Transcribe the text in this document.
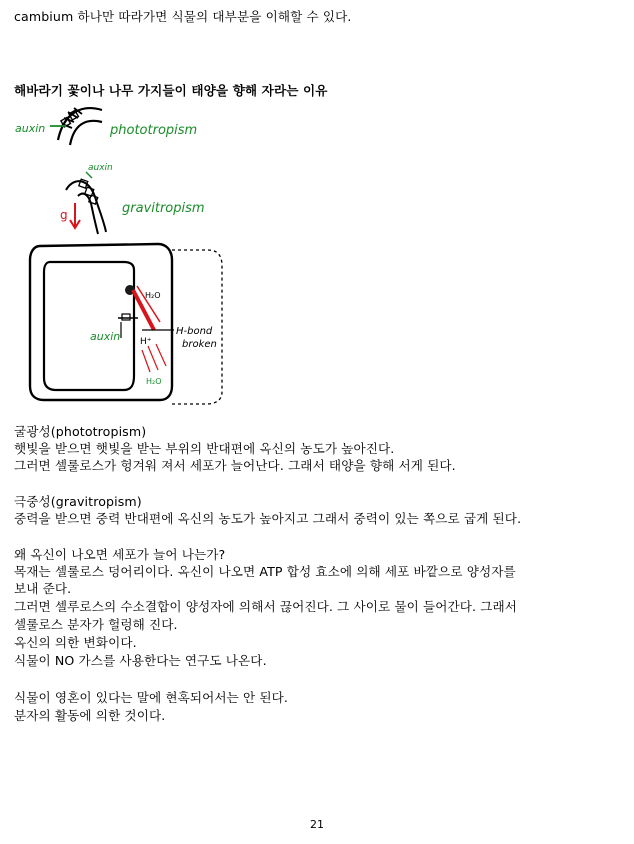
cambium 하나만 따라가면 식물의 대부분을 이해할 수 있다.
해바라기 꽃이나 나무 가지들이 태양을 향해 자라는 이유
auxin	phototropism
auxin
g	gravitropism
H₂O
H-bond
broken
auxin H⁺
H₂O
굴광성(phototropism)
햇빛을 받으면 햇빛을 받는 부위의 반대편에 옥신의 농도가 높아진다.
그러면 셀룰로스가 헝겨워 져서 세포가 늘어난다. 그래서 태양을 향해 서게 된다.
극중성(gravitropism)
중력을 받으면 중력 반대편에 옥신의 농도가 높아지고 그래서 중력이 있는 쪽으로 굽게 된다.
왜 옥신이 나오면 세포가 늘어 나는가?
목재는 셀룰로스 덩어리이다. 옥신이 나오면 ATP 합성 효소에 의해 세포 바깥으로 양성자를
보내 준다.
그러면 셀루로스의 수소결합이 양성자에 의해서 끊어진다. 그 사이로 물이 들어간다. 그래서
셀룰로스 분자가 헐렁해 진다.
옥신의 의한 변화이다.
식물이 NO 가스를 사용한다는 연구도 나온다.
식물이 영혼이 있다는 말에 현혹되어서는 안 된다.
분자의 활동에 의한 것이다.
21
